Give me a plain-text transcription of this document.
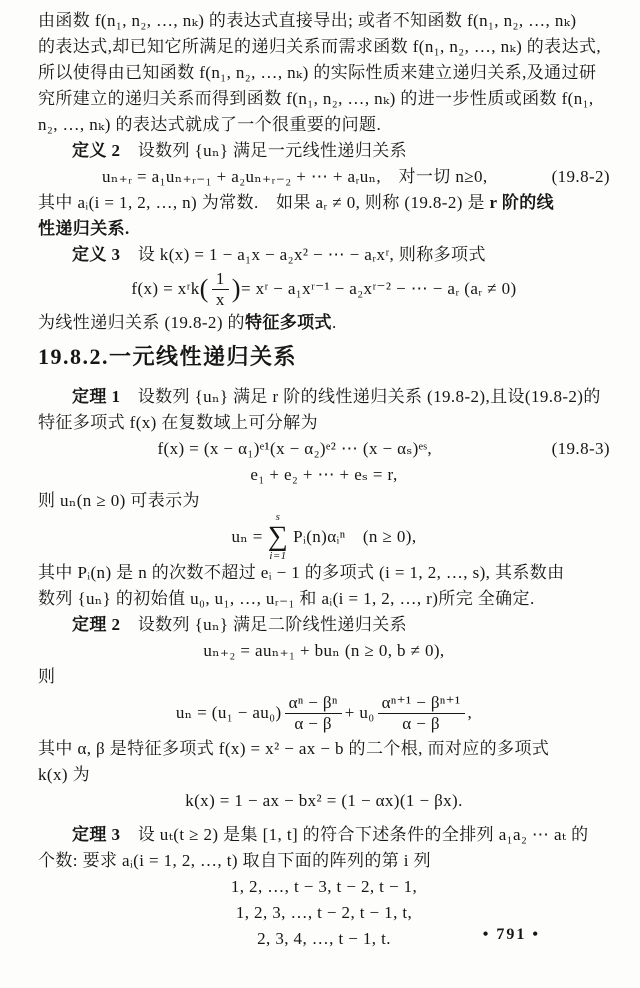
由函数 f(n₁, n₂, …, nₖ) 的表达式直接导出; 或者不知函数 f(n₁, n₂, …, nₖ)
的表达式,却已知它所满足的递归关系而需求函数 f(n₁, n₂, …, nₖ) 的表达式,
所以使得由已知函数 f(n₁, n₂, …, nₖ) 的实际性质来建立递归关系,及通过研
究所建立的递归关系而得到函数 f(n₁, n₂, …, nₖ) 的进一步性质或函数 f(n₁,
n₂, …, nₖ) 的表达式就成了一个很重要的问题.
定义 2　设数列 {uₙ} 满足一元线性递归关系
uₙ₊ᵣ = a₁uₙ₊ᵣ₋₁ + a₂uₙ₊ᵣ₋₂ + ⋯ + aᵣuₙ,　对一切 n≥0,	(19.8-2)
其中 aᵢ(i = 1, 2, …, n) 为常数.　如果 aᵣ ≠ 0, 则称 (19.8-2) 是 r 阶的线
性递归关系.
定义 3　设 k(x) = 1 − a₁x − a₂x² − ⋯ − aᵣxʳ, 则称多项式
f(x) = xʳk ( 1
x ) = xʳ − a₁xʳ⁻¹ − a₂xʳ⁻² − ⋯ − aᵣ (aᵣ ≠ 0)
为线性递归关系 (19.8-2) 的特征多项式.
19.8.2.一元线性递归关系
定理 1　设数列 {uₙ} 满足 r 阶的线性递归关系 (19.8-2),且设(19.8-2)的
特征多项式 f(x) 在复数域上可分解为
f(x) = (x − α₁)ᵉ¹(x − α₂)ᵉ² ⋯ (x − αₛ)ᵉˢ,	(19.8-3)
e₁ + e₂ + ⋯ + eₛ = r,
则 uₙ(n ≥ 0) 可表示为
uₙ =
s
∑
i=1
Pᵢ(n)αᵢⁿ　(n ≥ 0),
其中 Pᵢ(n) 是 n 的次数不超过 eᵢ − 1 的多项式 (i = 1, 2, …, s), 其系数由
数列 {uₙ} 的初始值 u₀, u₁, …, uᵣ₋₁ 和 aᵢ(i = 1, 2, …, r)所完 全确定.
定理 2　设数列 {uₙ} 满足二阶线性递归关系
uₙ₊₂ = auₙ₊₁ + buₙ (n ≥ 0, b ≠ 0),
则
uₙ = (u₁ − au₀)
αⁿ − βⁿ
α − β
+ u₀
αⁿ⁺¹ − βⁿ⁺¹
α − β
,
其中 α, β 是特征多项式 f(x) = x² − ax − b 的二个根, 而对应的多项式
k(x) 为
k(x) = 1 − ax − bx² = (1 − αx)(1 − βx).
定理 3　设 uₜ(t ≥ 2) 是集 [1, t] 的符合下述条件的全排列 a₁a₂ ⋯ aₜ 的
个数: 要求 aᵢ(i = 1, 2, …, t) 取自下面的阵列的第 i 列
1, 2, …, t − 3, t − 2, t − 1,
1, 2, 3, …, t − 2, t − 1, t,
2, 3, 4, …, t − 1, t.	• 791 •
